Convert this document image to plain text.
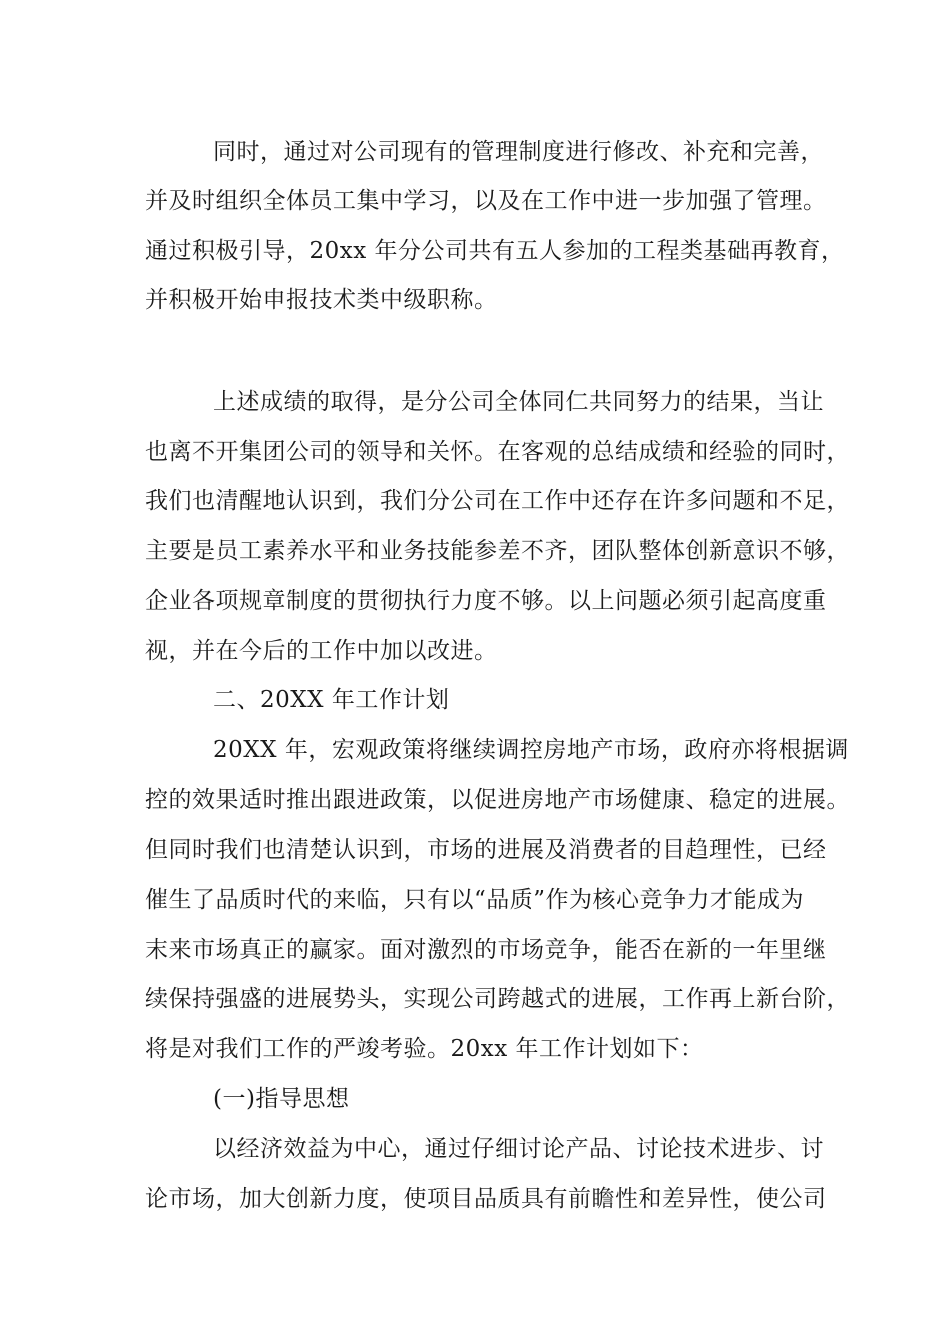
同时，通过对公司现有的管理制度进行修改、补充和完善，
并及时组织全体员工集中学习，以及在工作中进一步加强了管理。
通过积极引导，20xx 年分公司共有五人参加的工程类基础再教育，
并积极开始申报技术类中级职称。
上述成绩的取得，是分公司全体同仁共同努力的结果，当让
也离不开集团公司的领导和关怀。在客观的总结成绩和经验的同时，
我们也清醒地认识到，我们分公司在工作中还存在许多问题和不足，
主要是员工素养水平和业务技能参差不齐，团队整体创新意识不够，
企业各项规章制度的贯彻执行力度不够。以上问题必须引起高度重
视，并在今后的工作中加以改进。
二、20XX 年工作计划
20XX 年，宏观政策将继续调控房地产市场，政府亦将根据调
控的效果适时推出跟进政策，以促进房地产市场健康、稳定的进展。
但同时我们也清楚认识到，市场的进展及消费者的目趋理性，已经
催生了品质时代的来临，只有以“品质”作为核心竞争力才能成为
末来市场真正的赢家。面对激烈的市场竞争，能否在新的一年里继
续保持强盛的进展势头，实现公司跨越式的进展，工作再上新台阶，
将是对我们工作的严竣考验。20xx 年工作计划如下：
(一)指导思想
以经济效益为中心，通过仔细讨论产品、讨论技术进步、讨
论市场，加大创新力度，使项目品质具有前瞻性和差异性，使公司
